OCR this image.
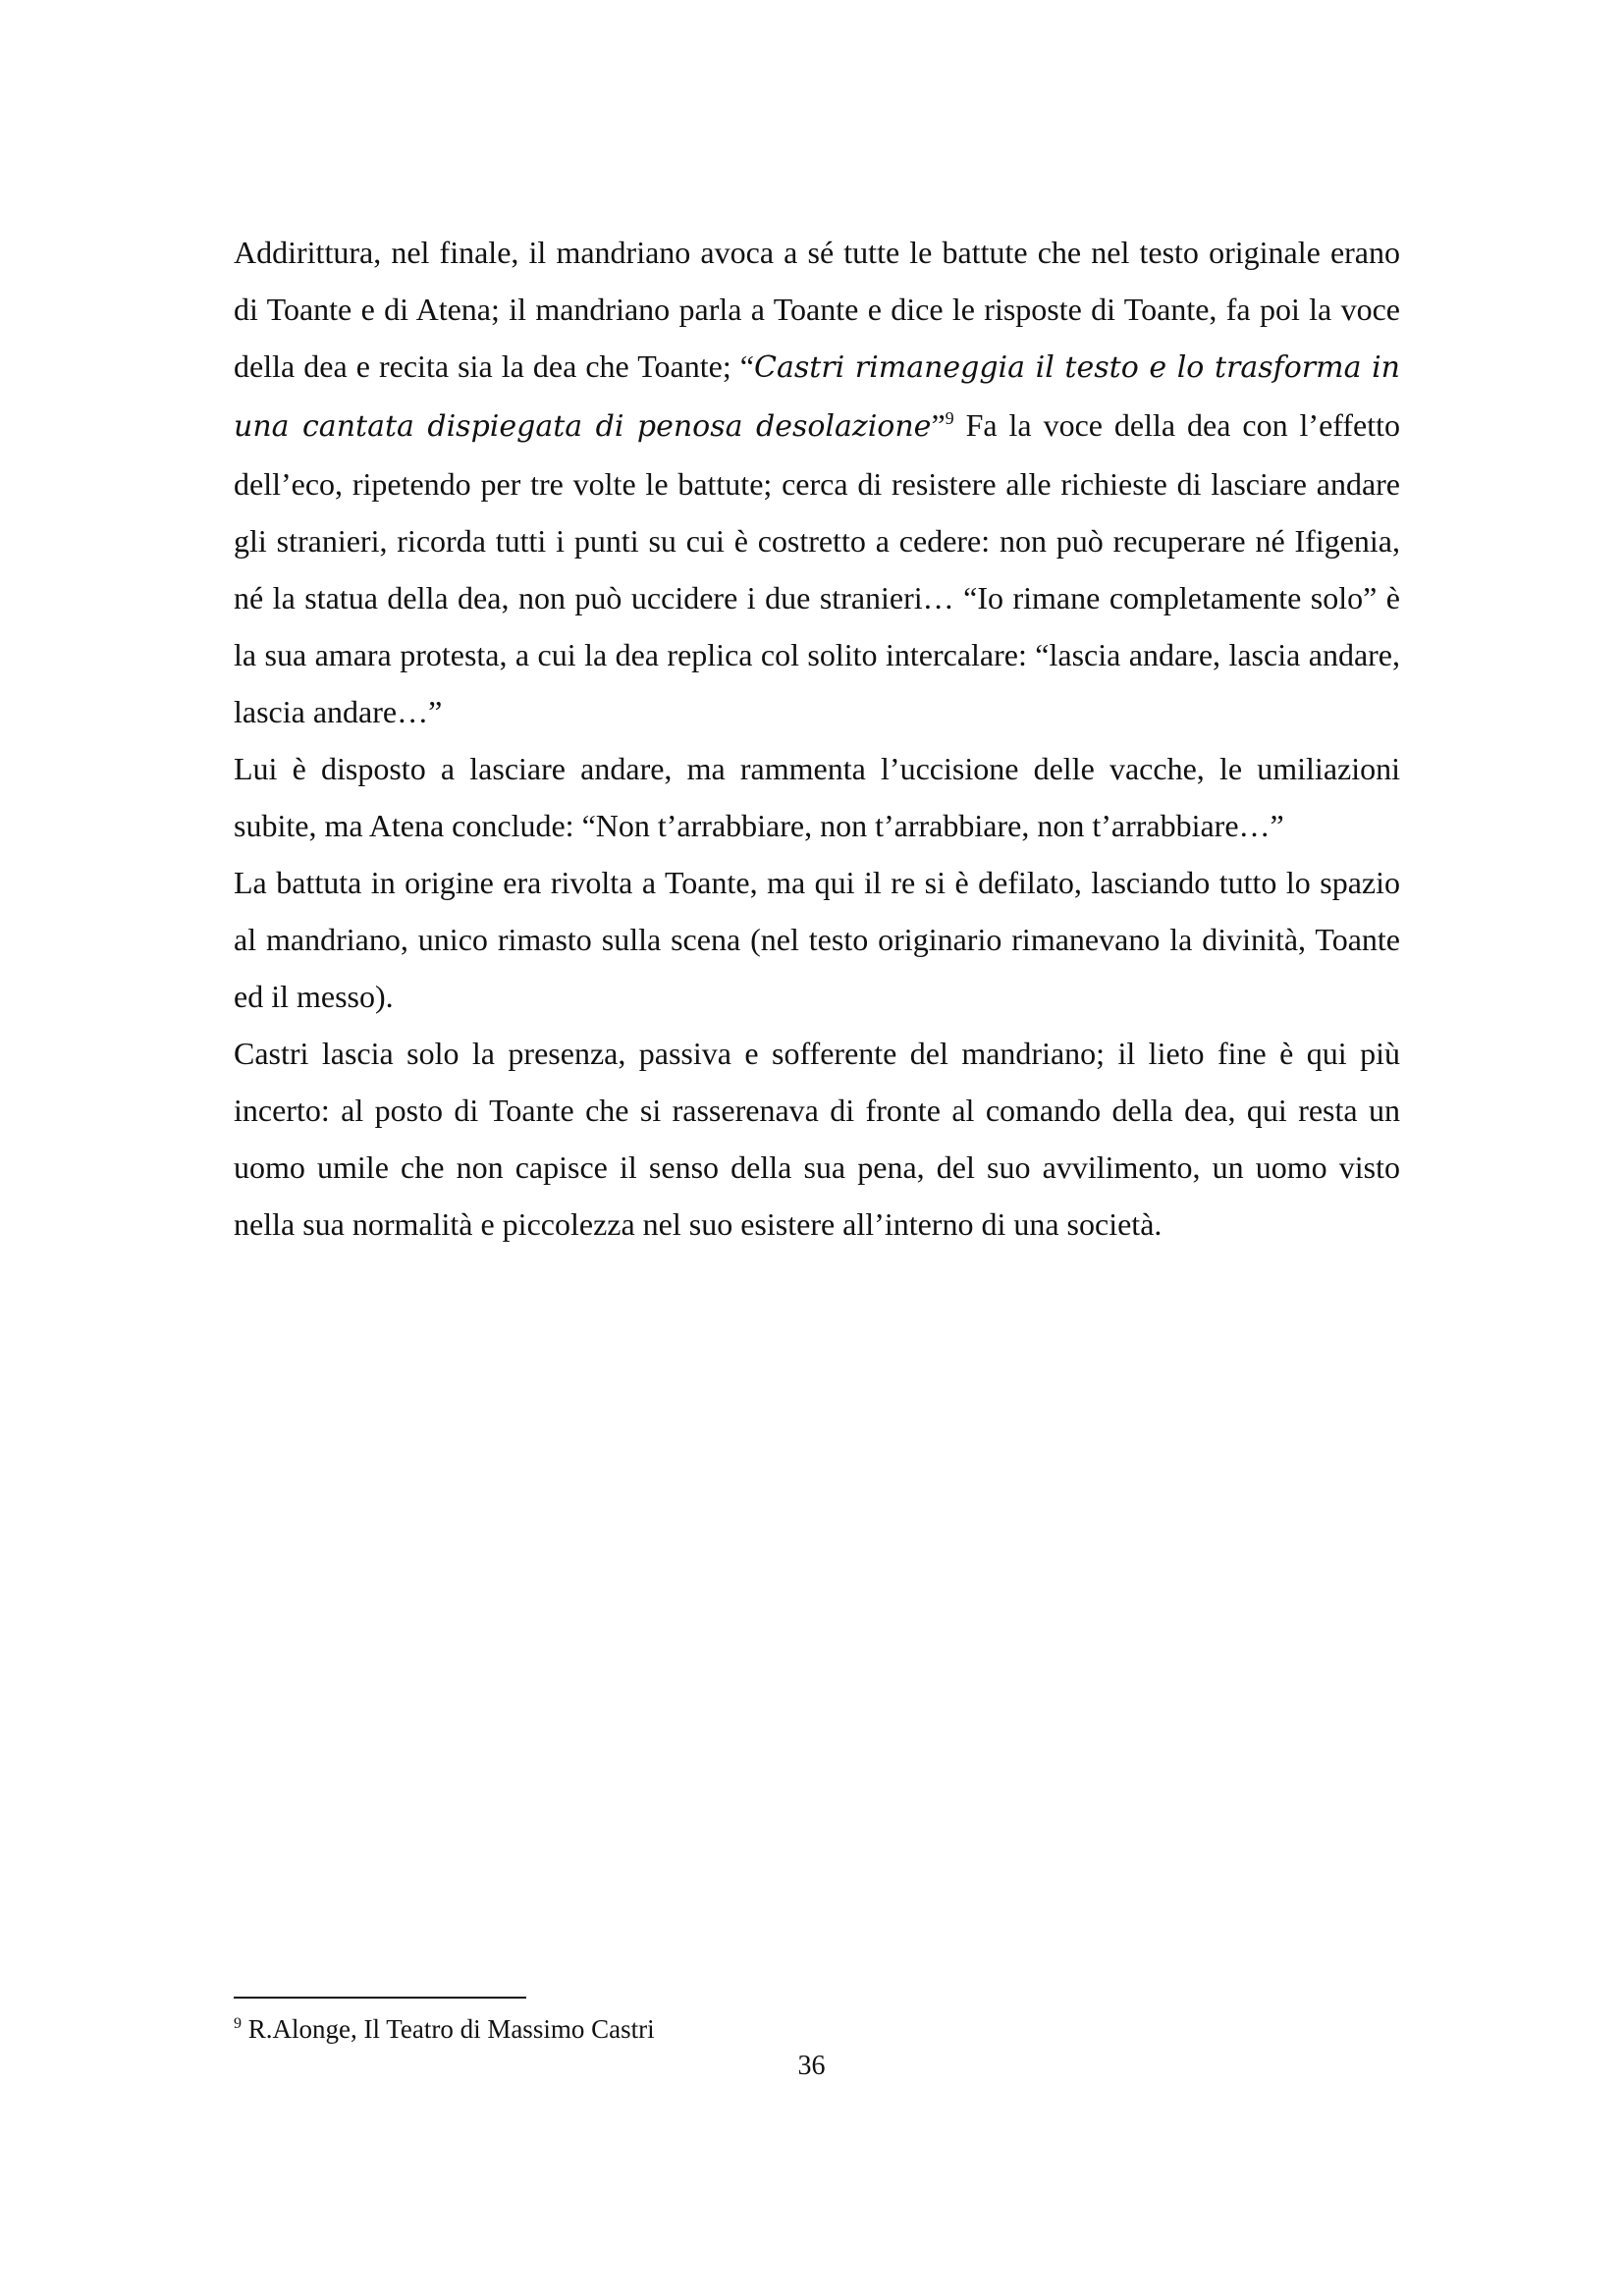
Addirittura, nel finale, il mandriano avoca a sé tutte le battute che nel testo originale erano di Toante e di Atena; il mandriano parla a Toante e dice le risposte di Toante, fa poi la voce della dea e recita sia la dea che Toante; “Castri rimaneggia il testo e lo trasforma in una cantata dispiegata di penosa desolazione”$^9$ Fa la voce della dea con l’effetto dell’eco, ripetendo per tre volte le battute; cerca di resistere alle richieste di lasciare andare gli stranieri, ricorda tutti i punti su cui è costretto a cedere: non può recuperare né Ifigenia, né la statua della dea, non può uccidere i due stranieri… “Io rimane completamente solo” è la sua amara protesta, a cui la dea replica col solito intercalare: “lascia andare, lascia andare, lascia andare…”

Lui è disposto a lasciare andare, ma rammenta l’uccisione delle vacche, le umiliazioni subite, ma Atena conclude: “Non t’arrabbiare, non t’arrabbiare, non t’arrabbiare…”

La battuta in origine era rivolta a Toante, ma qui il re si è defilato, lasciando tutto lo spazio al mandriano, unico rimasto sulla scena (nel testo originario rimanevano la divinità, Toante ed il messo).

Castri lascia solo la presenza, passiva e sofferente del mandriano; il lieto fine è qui più incerto: al posto di Toante che si rasserenava di fronte al comando della dea, qui resta un uomo umile che non capisce il senso della sua pena, del suo avvilimento, un uomo visto nella sua normalità e piccolezza nel suo esistere all’interno di una società.

$^9$ R.Alonge, Il Teatro di Massimo Castri
36
